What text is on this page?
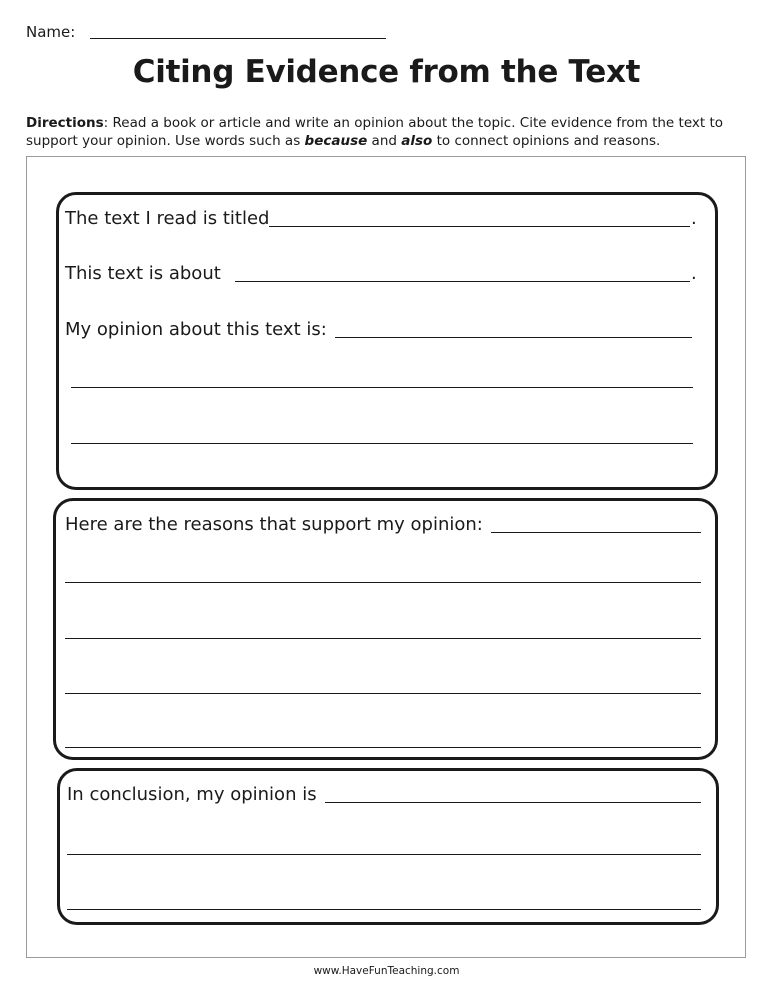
Name:
Citing Evidence from the Text
Directions: Read a book or article and write an opinion about the topic. Cite evidence from the text to support your opinion. Use words such as because and also to connect opinions and reasons.
The text I read is titled	.
This text is about	.
My opinion about this text is:
Here are the reasons that support my opinion:
In conclusion, my opinion is
www.HaveFunTeaching.com
